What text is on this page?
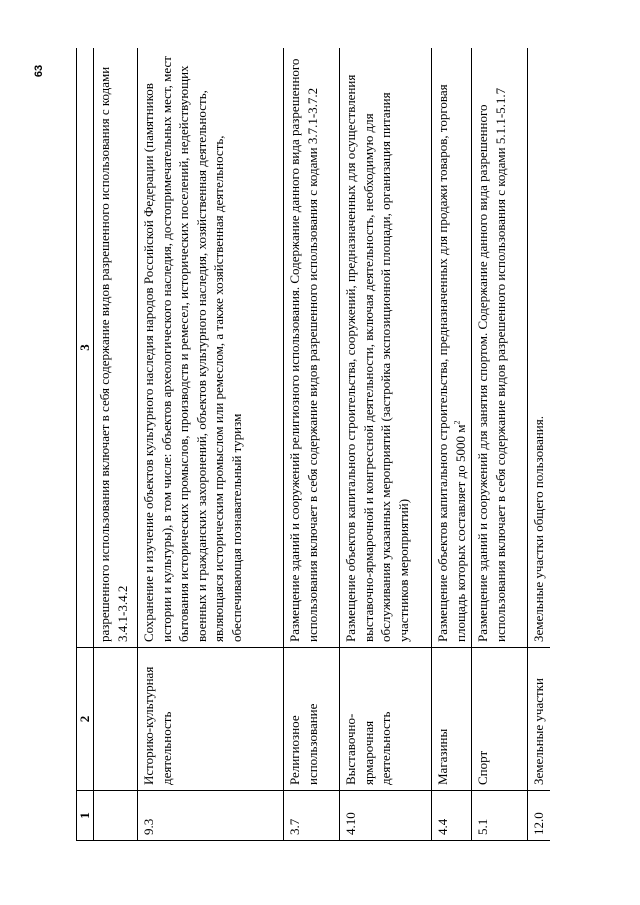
63
1	2	3
		разрешенного использования включает в себя содержание видов разрешенного использования с кодами 3.4.1-3.4.2
9.3	Историко-культурная деятельность	Сохранение и изучение объектов культурного наследия народов Российской Федерации (памятников истории и культуры), в том числе: объектов археологического наследия, достопримечательных мест, мест бытования исторических промыслов, производств и ремесел, исторических поселений, недействующих военных и гражданских захоронений, объектов культурного наследия, хозяйственная деятельность, являющаяся историческим промыслом или ремеслом, а также хозяйственная деятельность, обеспечивающая познавательный туризм
3.7	Религиозное использование	Размещение зданий и сооружений религиозного использования. Содержание данного вида разрешенного использования включает в себя содержание видов разрешенного использования с кодами 3.7.1-3.7.2
4.10	Выставочно-ярмарочная деятельность	Размещение объектов капитального строительства, сооружений, предназначенных для осуществления выставочно-ярмарочной и конгрессной деятельности, включая деятельность, необходимую для обслуживания указанных мероприятий (застройка экспозиционной площади, организация питания участников мероприятий)
4.4	Магазины	Размещение объектов капитального строительства, предназначенных для продажи товаров, торговая площадь которых составляет до 5000 $м^2$
5.1	Спорт	Размещение зданий и сооружений для занятия спортом. Содержание данного вида разрешенного использования включает в себя содержание видов разрешенного использования с кодами 5.1.1-5.1.7
12.0	Земельные участки	Земельные участки общего пользования.
